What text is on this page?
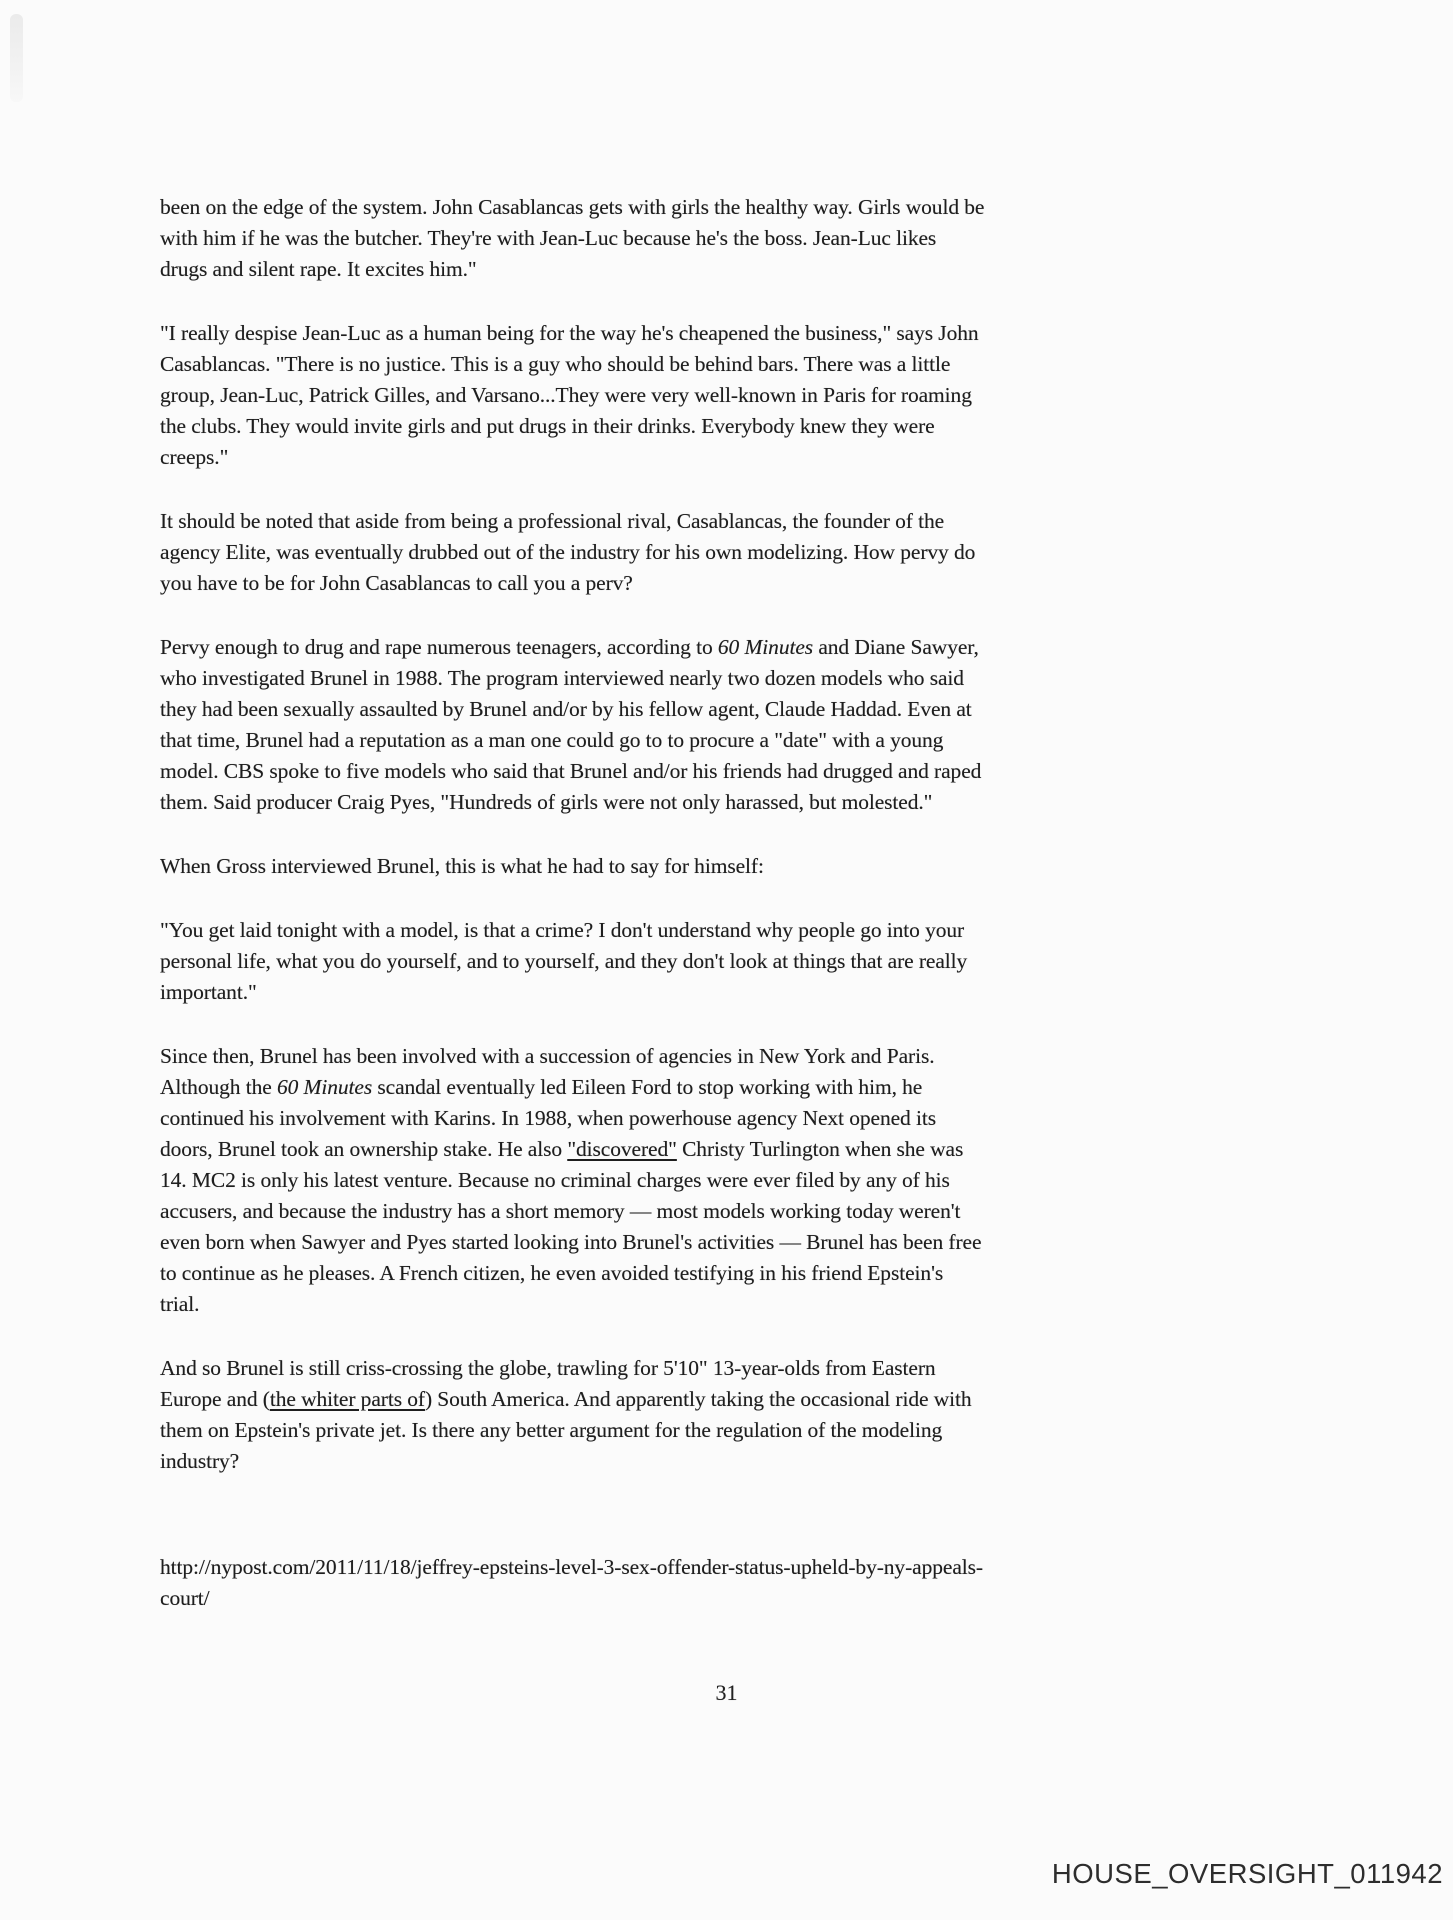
been on the edge of the system. John Casablancas gets with girls the healthy way. Girls would be
with him if he was the butcher. They're with Jean-Luc because he's the boss. Jean-Luc likes
drugs and silent rape. It excites him."
"I really despise Jean-Luc as a human being for the way he's cheapened the business," says John
Casablancas. "There is no justice. This is a guy who should be behind bars. There was a little
group, Jean-Luc, Patrick Gilles, and Varsano...They were very well-known in Paris for roaming
the clubs. They would invite girls and put drugs in their drinks. Everybody knew they were
creeps."
It should be noted that aside from being a professional rival, Casablancas, the founder of the
agency Elite, was eventually drubbed out of the industry for his own modelizing. How pervy do
you have to be for John Casablancas to call you a perv?
Pervy enough to drug and rape numerous teenagers, according to 60 Minutes and Diane Sawyer,
who investigated Brunel in 1988. The program interviewed nearly two dozen models who said
they had been sexually assaulted by Brunel and/or by his fellow agent, Claude Haddad. Even at
that time, Brunel had a reputation as a man one could go to to procure a "date" with a young
model. CBS spoke to five models who said that Brunel and/or his friends had drugged and raped
them. Said producer Craig Pyes, "Hundreds of girls were not only harassed, but molested."
When Gross interviewed Brunel, this is what he had to say for himself:
"You get laid tonight with a model, is that a crime? I don't understand why people go into your
personal life, what you do yourself, and to yourself, and they don't look at things that are really
important."
Since then, Brunel has been involved with a succession of agencies in New York and Paris.
Although the 60 Minutes scandal eventually led Eileen Ford to stop working with him, he
continued his involvement with Karins. In 1988, when powerhouse agency Next opened its
doors, Brunel took an ownership stake. He also "discovered" Christy Turlington when she was
14. MC2 is only his latest venture. Because no criminal charges were ever filed by any of his
accusers, and because the industry has a short memory — most models working today weren't
even born when Sawyer and Pyes started looking into Brunel's activities — Brunel has been free
to continue as he pleases. A French citizen, he even avoided testifying in his friend Epstein's
trial.
And so Brunel is still criss-crossing the globe, trawling for 5'10" 13-year-olds from Eastern
Europe and (the whiter parts of) South America. And apparently taking the occasional ride with
them on Epstein's private jet. Is there any better argument for the regulation of the modeling
industry?
http://nypost.com/2011/11/18/jeffrey-epsteins-level-3-sex-offender-status-upheld-by-ny-appeals-
court/
31
HOUSE_OVERSIGHT_011942
